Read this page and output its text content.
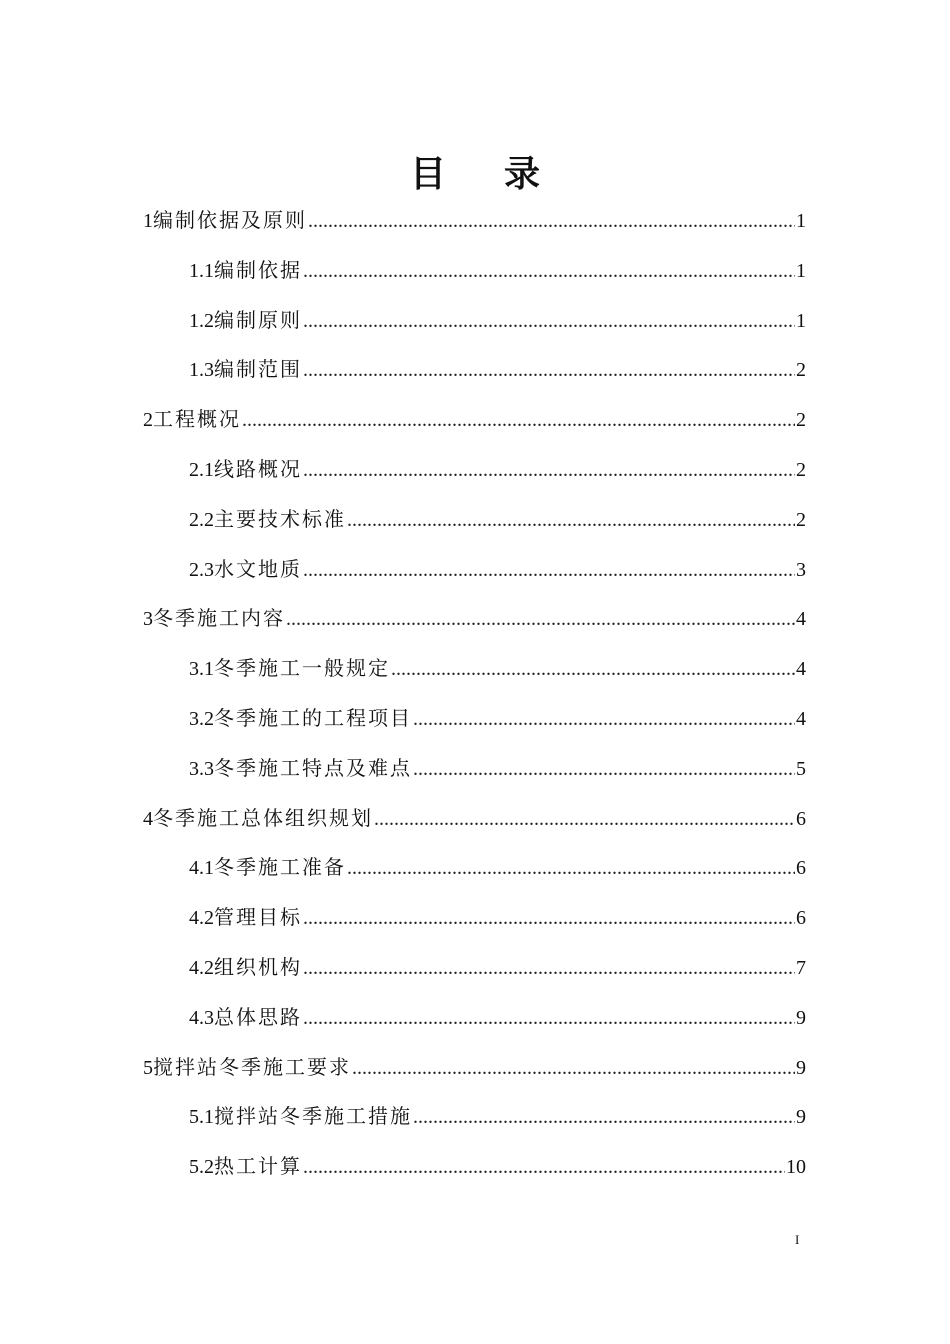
目 录
1 编制依据及原则 .....	1
1.1 编制依据 .....	1
1.2 编制原则 .....	1
1.3 编制范围 .....	2
2 工程概况 .....	2
2.1 线路概况 .....	2
2.2 主要技术标准 .....	2
2.3 水文地质 .....	3
3 冬季施工内容 .....	4
3.1 冬季施工一般规定 .....	4
3.2 冬季施工的工程项目 .....	4
3.3 冬季施工特点及难点 .....	5
4 冬季施工总体组织规划 .....	6
4.1 冬季施工准备 .....	6
4.2 管理目标 .....	6
4.2 组织机构 .....	7
4.3 总体思路 .....	9
5 搅拌站冬季施工要求 .....	9
5.1 搅拌站冬季施工措施 .....	9
5.2 热工计算 .....	10
I
